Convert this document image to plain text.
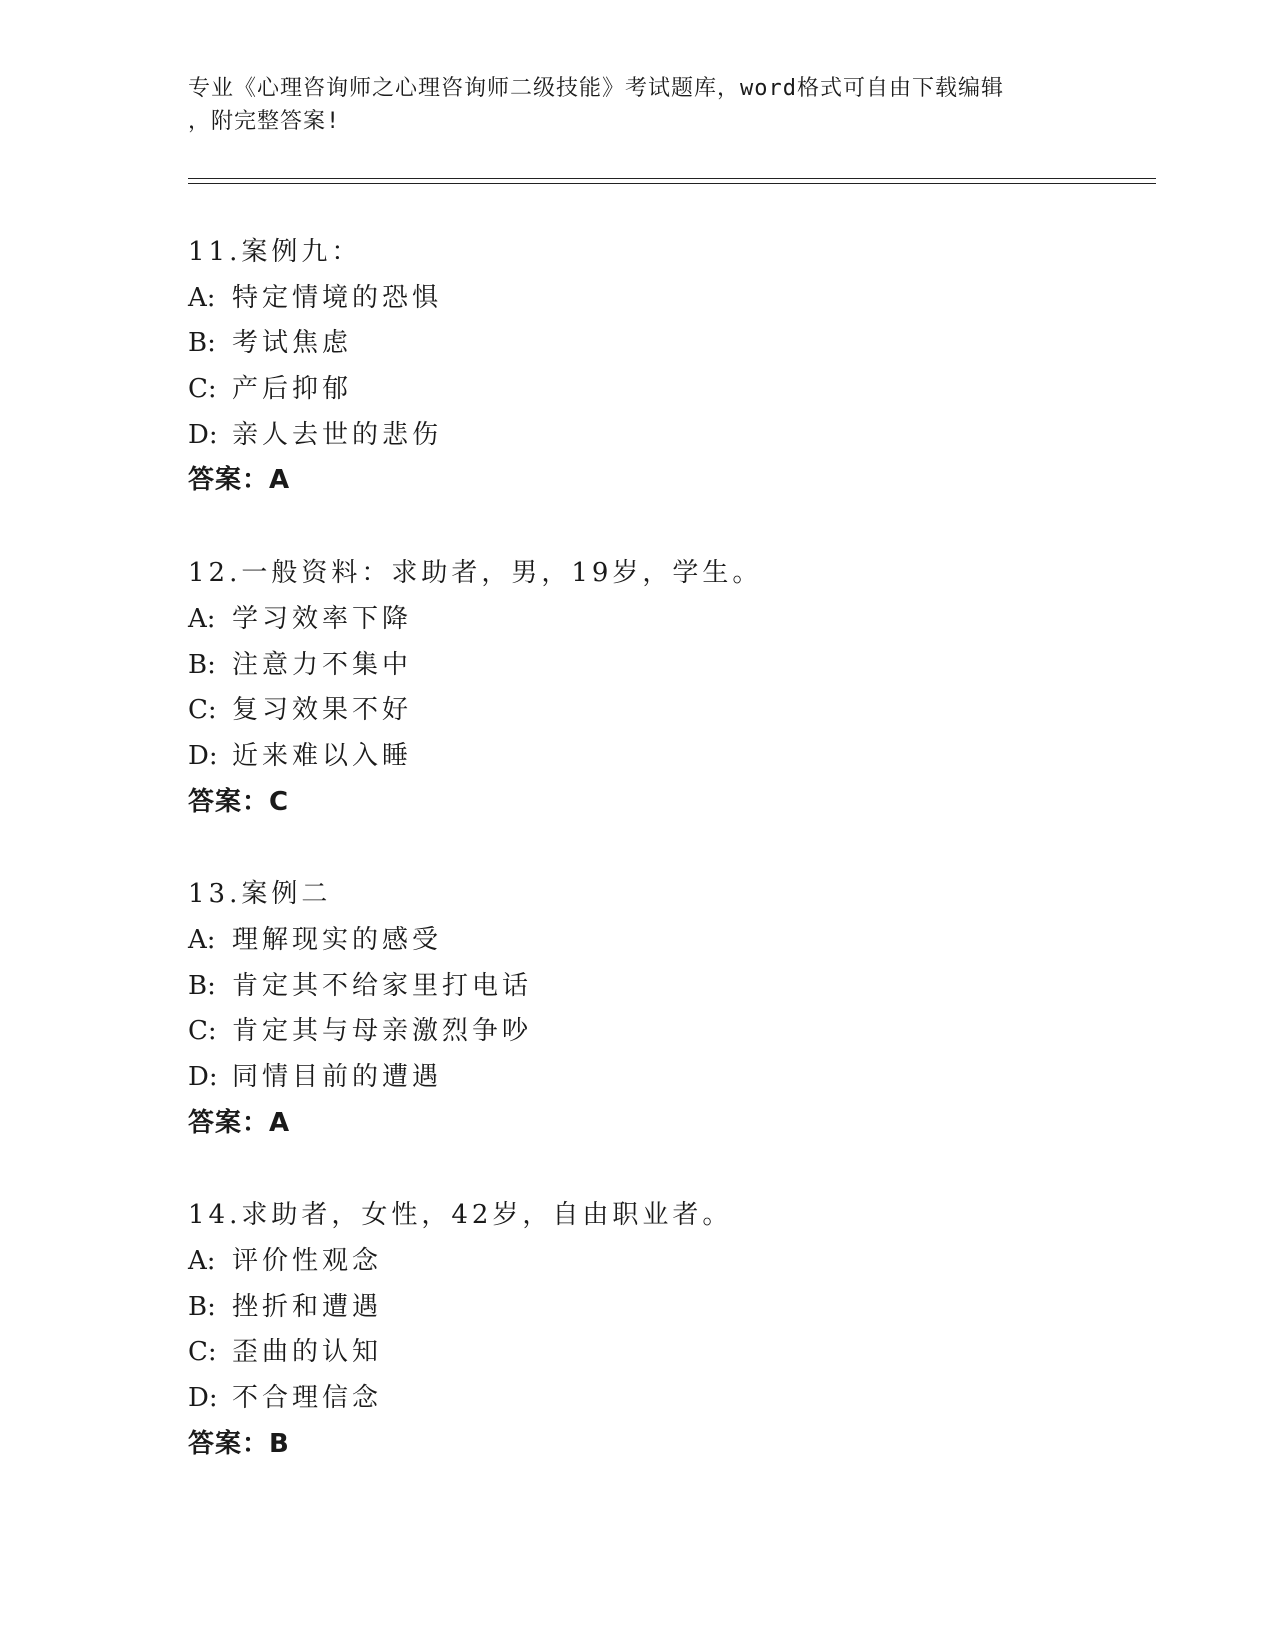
专业《心理咨询师之心理咨询师二级技能》考试题库，word格式可自由下载编辑
，附完整答案!
11.案例九：
A: 特定情境的恐惧
B: 考试焦虑
C: 产后抑郁
D: 亲人去世的悲伤
答案：A
12.一般资料：求助者，男，19岁，学生。
A: 学习效率下降
B: 注意力不集中
C: 复习效果不好
D: 近来难以入睡
答案：C
13.案例二
A: 理解现实的感受
B: 肯定其不给家里打电话
C: 肯定其与母亲激烈争吵
D: 同情目前的遭遇
答案：A
14.求助者，女性，42岁，自由职业者。
A: 评价性观念
B: 挫折和遭遇
C: 歪曲的认知
D: 不合理信念
答案：B
